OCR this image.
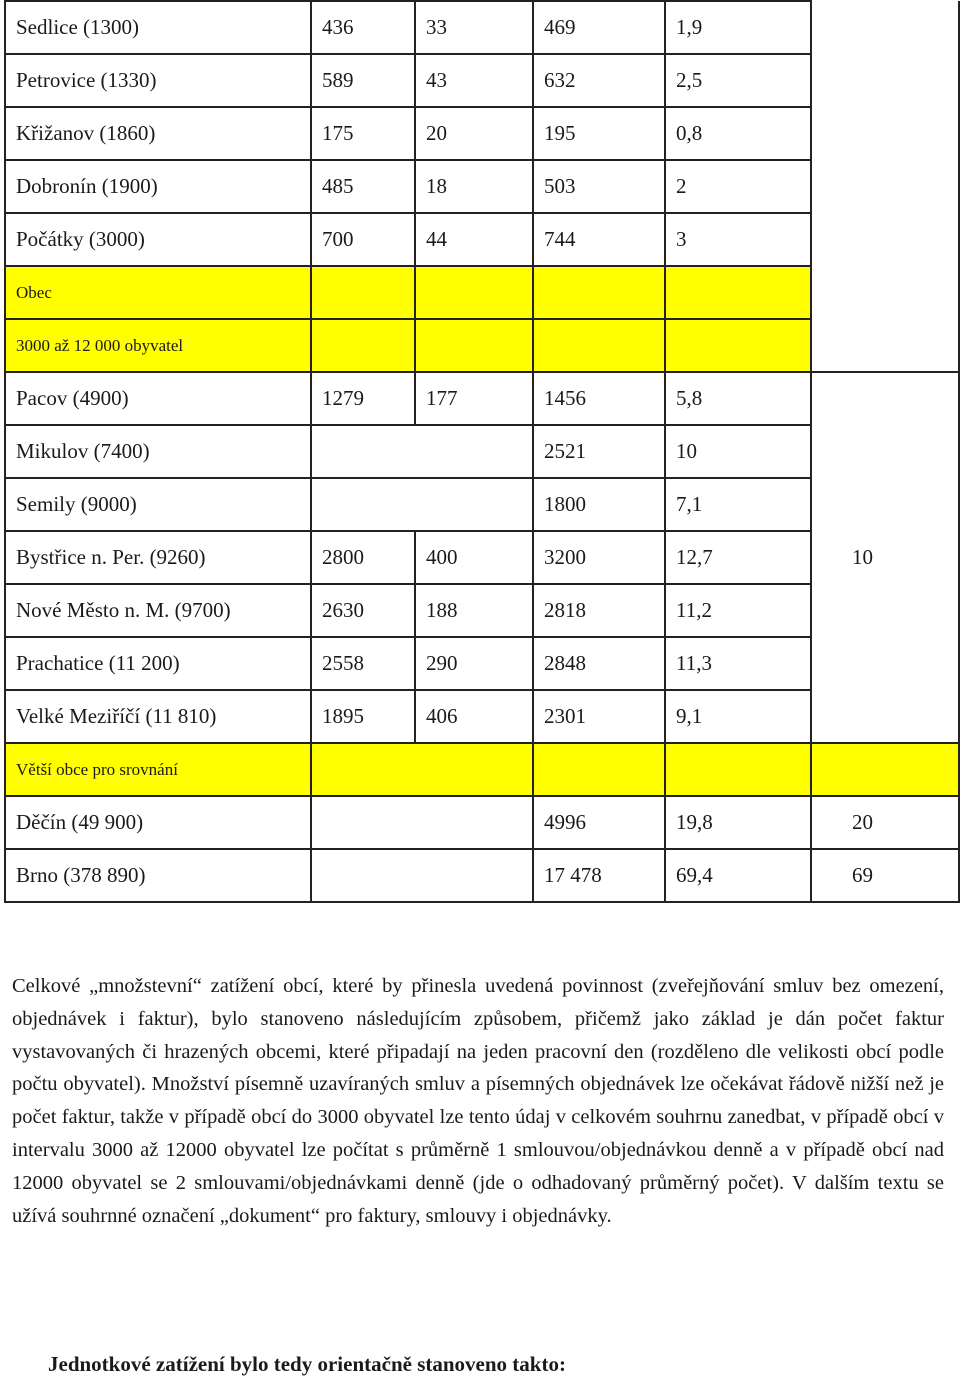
Sedlice (1300)	436	33	469	1,9	
Petrovice (1330)	589	43	632	2,5	
Křižanov (1860)	175	20	195	0,8	
Dobronín (1900)	485	18	503	2	
Počátky (3000)	700	44	744	3	
Obec					
3000 až 12 000 obyvatel					
Pacov (4900)	1279	177	1456	5,8	10
Mikulov (7400)			2521	10	
Semily (9000)			1800	7,1	
Bystřice n. Per. (9260)	2800	400	3200	12,7	
Nové Město n. M. (9700)	2630	188	2818	11,2	
Prachatice (11 200)	2558	290	2848	11,3	
Velké Meziříčí (11 810)	1895	406	2301	9,1	
Větší obce pro srovnání					
Děčín (49 900)			4996	19,8	20
Brno (378 890)			17 478	69,4	69

Celkové „množstevní“ zatížení obcí, které by přinesla uvedená povinnost (zveřejňování smluv bez omezení, objednávek i faktur), bylo stanoveno následujícím způsobem, přičemž jako základ je dán počet faktur vystavovaných či hrazených obcemi, které připadají na jeden pracovní den (rozděleno dle velikosti obcí podle počtu obyvatel). Množství písemně uzavíraných smluv a písemných objednávek lze očekávat řádově nižší než je počet faktur, takže v případě obcí do 3000 obyvatel lze tento údaj v celkovém souhrnu zanedbat, v případě obcí v intervalu 3000 až 12000 obyvatel lze počítat s průměrně 1 smlouvou/objednávkou denně a v případě obcí nad 12000 obyvatel se 2 smlouvami/objednávkami denně (jde o odhadovaný průměrný počet). V dalším textu se užívá souhrnné označení „dokument“ pro faktury, smlouvy i objednávky.

Jednotkové zatížení bylo tedy orientačně stanoveno takto:
